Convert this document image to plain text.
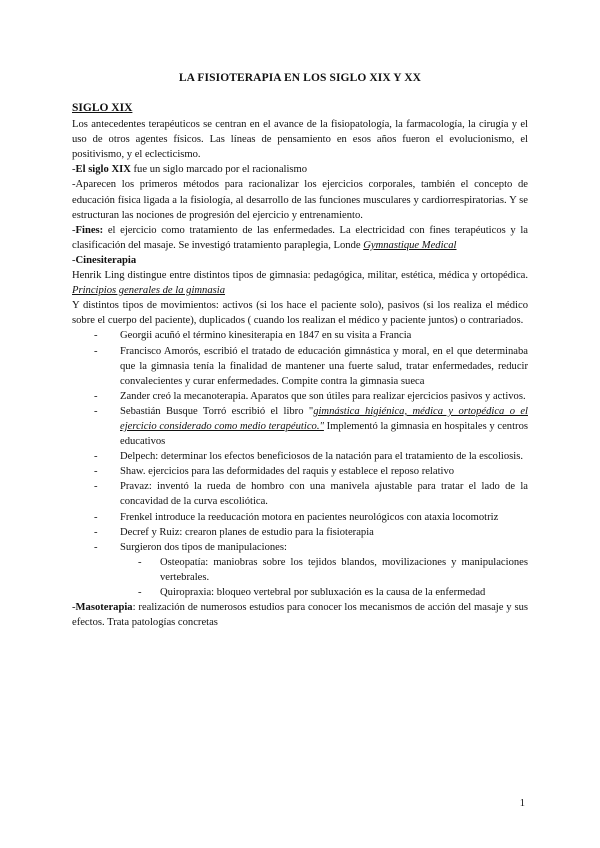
LA FISIOTERAPIA EN LOS SIGLO XIX Y XX
SIGLO XIX

Los antecedentes terapéuticos se centran en el avance de la fisiopatología, la farmacología, la cirugía y el uso de otros agentes físicos. Las líneas de pensamiento en esos años fueron el evolucionismo, el positivismo, y el eclecticismo.

-El siglo XIX fue un siglo marcado por el racionalismo

-Aparecen los primeros métodos para racionalizar los ejercicios corporales, también el concepto de educación física ligada a la fisiología, al desarrollo de las funciones musculares y cardiorrespiratorias. Y se estructuran las nociones de progresión del ejercicio y entrenamiento.

-Fines: el ejercicio como tratamiento de las enfermedades. La electricidad con fines terapéuticos y la clasificación del masaje. Se investigó tratamiento paraplegia, Londe Gymnastique Medical

-Cinesiterapia

Henrik Ling distingue entre distintos tipos de gimnasia: pedagógica, militar, estética, médica y ortopédica. Principios generales de la gimnasia

Y distintos tipos de movimientos: activos (si los hace el paciente solo), pasivos (si los realiza el médico sobre el cuerpo del paciente), duplicados ( cuando los realizan el médico y paciente juntos) o contrariados.

- Georgii acuñó el término kinesiterapia en 1847 en su visita a Francia
- Francisco Amorós, escribió el tratado de educación gimnástica y moral, en el que determinaba que la gimnasia tenía la finalidad de mantener una fuerte salud, tratar enfermedades, reducir convalecientes y curar enfermedades. Compite contra la gimnasia sueca
- Zander creó la mecanoterapia. Aparatos que son útiles para realizar ejercicios pasivos y activos.
- Sebastián Busque Torró escribió el libro "gimnástica higiénica, médica y ortopédica o el ejercicio considerado como medio terapéutico." Implementó la gimnasia en hospitales y centros educativos
- Delpech: determinar los efectos beneficiosos de la natación para el tratamiento de la escoliosis.
- Shaw. ejercicios para las deformidades del raquis y establece el reposo relativo
- Pravaz: inventó la rueda de hombro con una manivela ajustable para tratar el lado de la concavidad de la curva escoliótica.
- Frenkel introduce la reeducación motora en pacientes neurológicos con ataxia locomotriz
- Decref y Ruiz: crearon planes de estudio para la fisioterapia
- Surgieron dos tipos de manipulaciones:
- Osteopatía: maniobras sobre los tejidos blandos, movilizaciones y manipulaciones vertebrales.
- Quiropraxia: bloqueo vertebral por subluxación es la causa de la enfermedad

-Masoterapia: realización de numerosos estudios para conocer los mecanismos de acción del masaje y sus efectos. Trata patologías concretas

1
